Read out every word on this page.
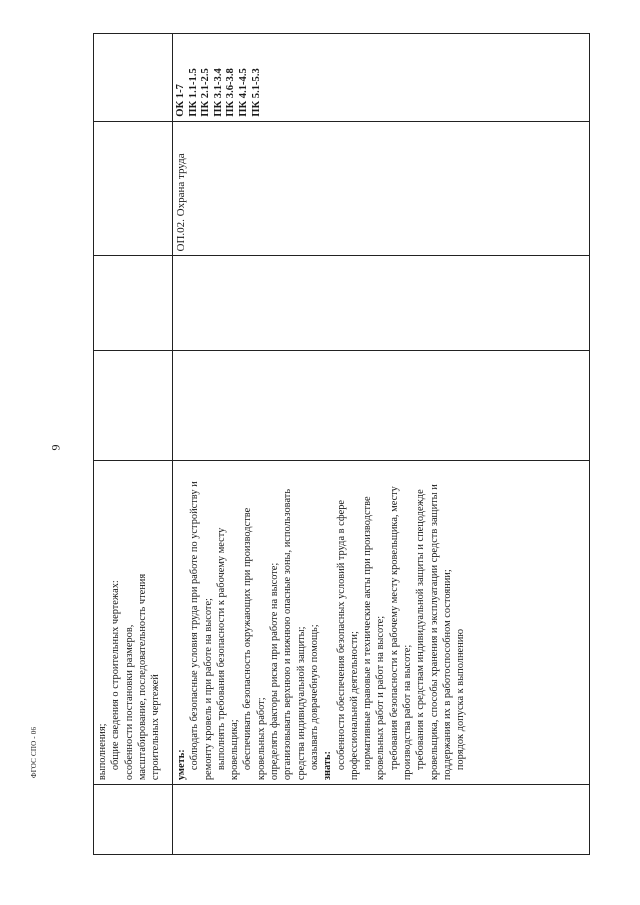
9
выполнения; общие сведения о строительных чертежах: особенности постановки размеров, масштабирование, последовательность чтения строительных чертежей уметь: соблюдать безопасные условия труда при работе по устройству и ремонту кровель и при работе на высоте; выполнять требования безопасности к рабочему месту кровельщика; обеспечивать безопасность окружающих при производстве кровельных работ; определять факторы риска при работе на высоте; организовывать верхнюю и нижнюю опасные зоны, использовать средства индивидуальной защиты; оказывать доврачебную помощь; знать: особенности обеспечения безопасных условий труда в сфере профессиональной деятельности; нормативные правовые и технические акты при производстве кровельных работ и работ на высоте; требования безопасности к рабочему месту кровельщика, месту производства работ на высоте; требования к средствам индивидуальной защиты и спецодежде кровельщика, способы хранения и эксплуатации средств защиты и поддержания их в работоспособном состоянии; порядок допуска к выполнению
ОП.02. Охрана труда
ОК 1-7 ПК 1.1-1.5 ПК 2.1-2.5 ПК 3.1-3.4 ПК 3.6-3.8 ПК 4.1-4.5 ПК 5.1-5.3
ФГОС СПО - 06
